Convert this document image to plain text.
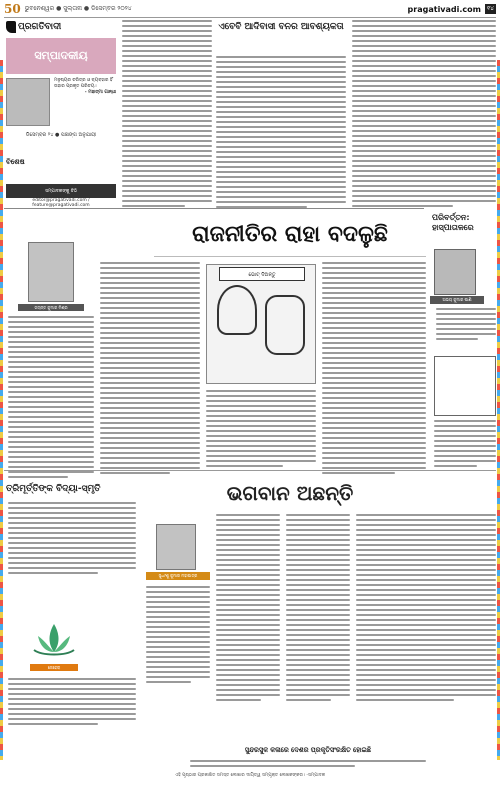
50 ଭୁବନେଶ୍ୱର ● ସୁଲ୍ତାନା ● ଡିସେମ୍ବର ୨୦୨୪	pragativadi.com	୧୪
ପ୍ରଗତିବାଦୀ
ସମ୍ପାଦକୀୟ
ମନୁଷ୍ୟର ଚରିତ୍ର ଓ ବ୍ୟବହାର ହିଁ ତାହାର ପ୍ରକୃତ ପରିଚୟ।
- ମହାତ୍ମା ଗାନ୍ଧୀ
ଡିସେମ୍ବର ୨୪ ● ପଞ୍ଚାଙ୍ଗ ଅନୁଯାୟୀ
ବିଶେଷ
ସମ୍ପାଦକଙ୍କୁ ଚିଠି
editor@pragativadi.com / feature@pragativadi.com
ଏବେବି ଆଦିବାସୀ ବନର ଆବଶ୍ୟକତା
ରାଜନୀତିର ରାହା ବଦଳୁଛି
ଜୟନ୍ତ କୁମାର ମିଶ୍ର
ଭୋଟ୍ ଦିଅନ୍ତୁ
ପରିବର୍ତ୍ତନ: ହାସ୍ପାତାଳରେ
ଅଭୟ କୁମାର ପାଣି
ତ୍ରିମୂର୍ତ୍ତିଙ୍କ ବିଦ୍ୟା-ସ୍ମୃତି
ଜେହେରା
ଭଗବାନ ଅଛନ୍ତି
ସୁଧାଂଶୁ କୁମାର ମହାପାତ୍ର
ସୁନ୍ଦରସୁକ କଳାରେ ଦେଶର ପ୍ରକୃତିସଂରକ୍ଷିତ ହୋଇଛି
ଏହି ପୃଷ୍ଠାର ପ୍ରକାଶିତ ସମସ୍ତ ଲେଖାର ଦାୟିତ୍ୱ ସମ୍ପୃକ୍ତ ଲେଖକଙ୍କର। -ସମ୍ପାଦକ
